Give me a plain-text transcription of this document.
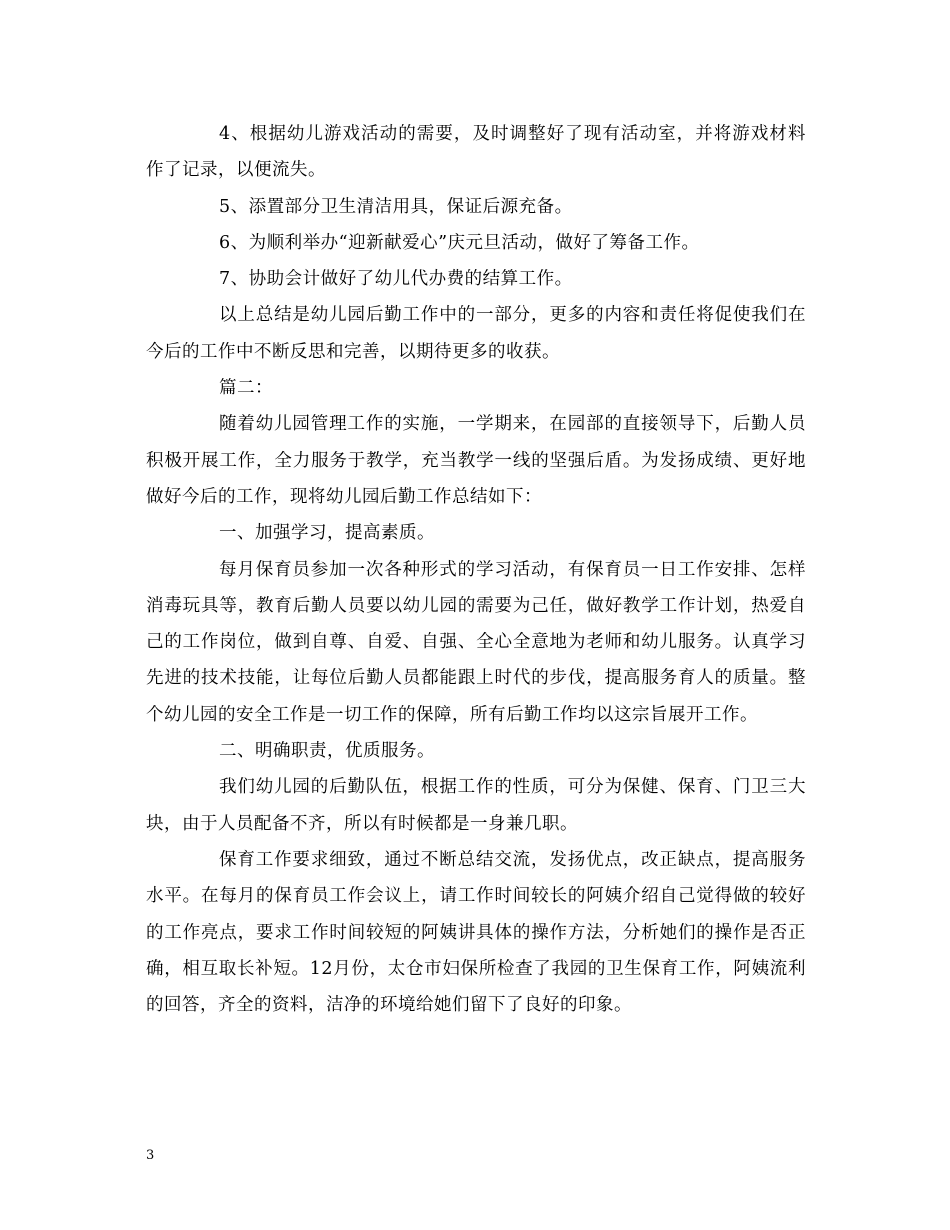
4、根据幼儿游戏活动的需要，及时调整好了现有活动室，并将游戏材料作了记录，以便流失。

5、添置部分卫生清洁用具，保证后源充备。

6、为顺利举办“迎新献爱心”庆元旦活动，做好了筹备工作。

7、协助会计做好了幼儿代办费的结算工作。

以上总结是幼儿园后勤工作中的一部分，更多的内容和责任将促使我们在今后的工作中不断反思和完善，以期待更多的收获。

篇二：

随着幼儿园管理工作的实施，一学期来，在园部的直接领导下，后勤人员积极开展工作，全力服务于教学，充当教学一线的坚强后盾。为发扬成绩、更好地做好今后的工作，现将幼儿园后勤工作总结如下：

一、加强学习，提高素质。

每月保育员参加一次各种形式的学习活动，有保育员一日工作安排、怎样消毒玩具等，教育后勤人员要以幼儿园的需要为己任，做好教学工作计划，热爱自己的工作岗位，做到自尊、自爱、自强、全心全意地为老师和幼儿服务。认真学习先进的技术技能，让每位后勤人员都能跟上时代的步伐，提高服务育人的质量。整个幼儿园的安全工作是一切工作的保障，所有后勤工作均以这宗旨展开工作。

二、明确职责，优质服务。

我们幼儿园的后勤队伍，根据工作的性质，可分为保健、保育、门卫三大块，由于人员配备不齐，所以有时候都是一身兼几职。

保育工作要求细致，通过不断总结交流，发扬优点，改正缺点，提高服务水平。在每月的保育员工作会议上，请工作时间较长的阿姨介绍自己觉得做的较好的工作亮点，要求工作时间较短的阿姨讲具体的操作方法，分析她们的操作是否正确，相互取长补短。12月份，太仓市妇保所检查了我园的卫生保育工作，阿姨流利的回答，齐全的资料，洁净的环境给她们留下了良好的印象。

3
